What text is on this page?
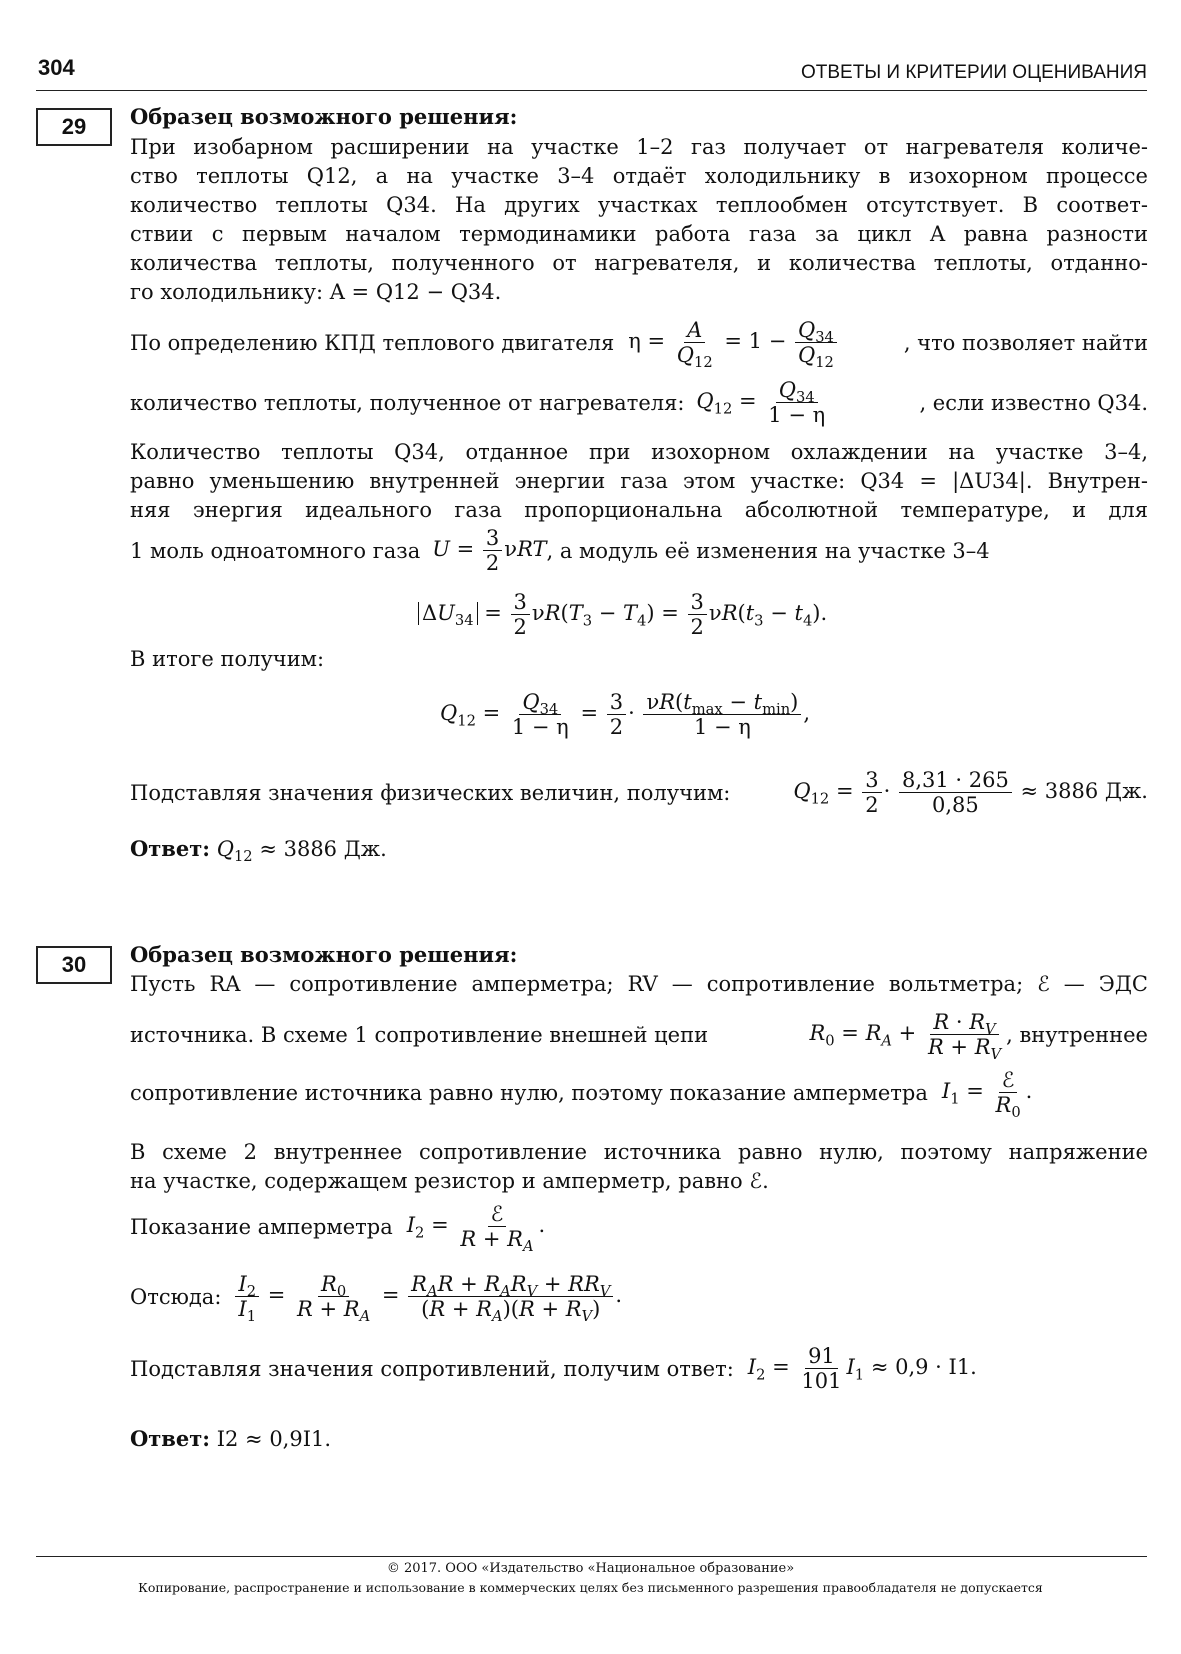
304	ОТВЕТЫ И КРИТЕРИИ ОЦЕНИВАНИЯ
29	Образец возможного решения:
При изобарном расширении на участке 1–2 газ получает от нагревателя количе-
ство теплоты Q12, а на участке 3–4 отдаёт холодильнику в изохорном процессе
количество теплоты Q34. На других участках теплообмен отсутствует. В соответ-
ствии с первым началом термодинамики работа газа за цикл A равна разности
количества теплоты, полученного от нагревателя, и количества теплоты, отданно-
го холодильнику: A = Q12 − Q34.
По определению КПД теплового двигателя $\eta = \frac{A}{Q_{12}} = 1 - \frac{Q_{34}}{Q_{12}}$	, что позволяет найти
количество теплоты, полученное от нагревателя: $Q_{12} = \frac{Q_{34}}{1 - \eta}$	, если известно Q34.
Количество теплоты Q34, отданное при изохорном охлаждении на участке 3–4,
равно уменьшению внутренней энергии газа этом участке: Q34 = |ΔU34|. Внутрен-
няя энергия идеального газа пропорциональна абсолютной температуре, и для
1 моль одноатомного газа $U = \frac{3}{2}$ νRT , а модуль её изменения на участке 3–4
$\Delta U_{34} = \frac{3}{2} \nu R(T_3 - T_4) = \frac{3}{2} \nu R(t_3 - t_4)$.
В итоге получим:
$Q_{12} = \frac{Q_{34}}{1 - \eta} = \frac{3}{2} \cdot \frac{\nu R(t_{max} - t_{min})}{1 - \eta}$ ,
Подставляя значения физических величин, получим:	$Q_{12} = \frac{3}{2} \cdot \frac{8,31 \cdot 265}{0,85} \approx 3886$ Дж.
Ответ: $Q_{12} \approx 3886$ Дж.
30	Образец возможного решения:
Пусть RA — сопротивление амперметра; RV — сопротивление вольтметра; ℰ — ЭДС
источника. В схеме 1 сопротивление внешней цепи	$R_0 = R_A + \frac{R \cdot R_V}{R + R_V}$ , внутреннее
сопротивление источника равно нулю, поэтому показание амперметра $I_1 = \frac{\text{ℰ}}{R_0}$ .
В схеме 2 внутреннее сопротивление источника равно нулю, поэтому напряжение
на участке, содержащем резистор и амперметр, равно ℰ.
Показание амперметра $I_2 = \frac{\text{ℰ}}{R + R_A}$ .
Отсюда: $\frac{I_2}{I_1} = \frac{R_0}{R + R_A} = \frac{R_AR + R_AR_V + RR_V}{(R + R_A)(R + R_V)}$ .
Подставляя значения сопротивлений, получим ответ: $I_2 = \frac{91}{101} I_1 \approx 0,9 \cdot I1$.
Ответ: I2 ≈ 0,9I1.
© 2017. ООО «Издательство «Национальное образование»
Копирование, распространение и использование в коммерческих целях без письменного разрешения правообладателя не допускается
